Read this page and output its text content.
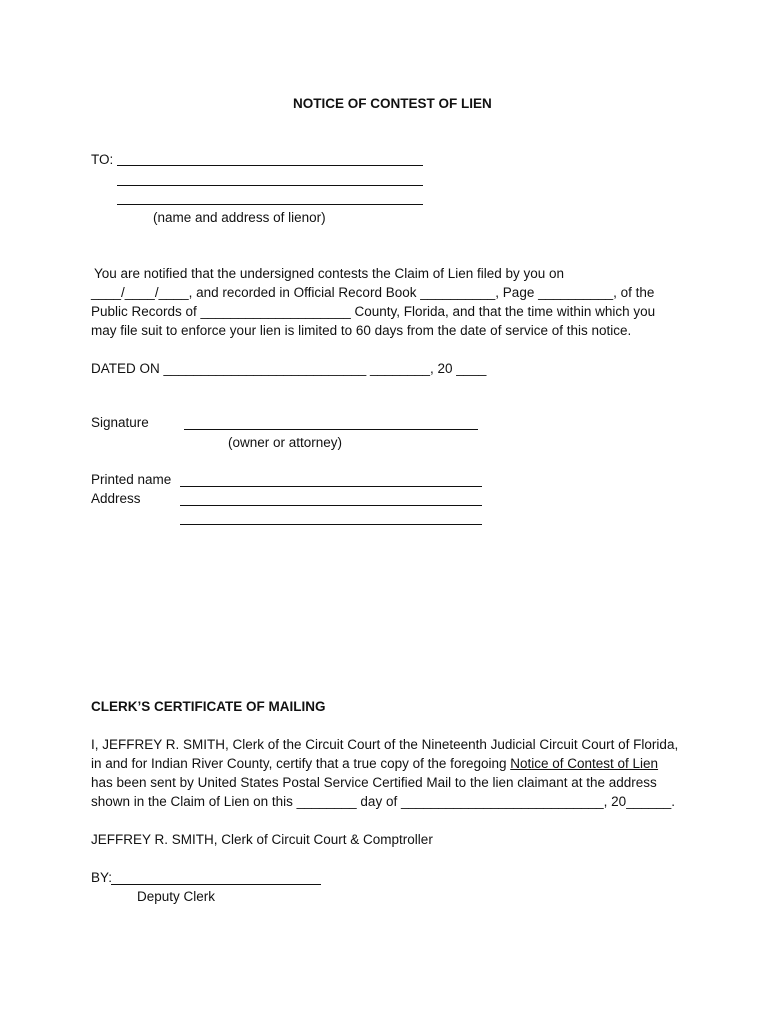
NOTICE OF CONTEST OF LIEN
TO:
(name and address of lienor)
You are notified that the undersigned contests the Claim of Lien filed by you on
____/____/____, and recorded in Official Record Book __________, Page __________, of the
Public Records of ____________________ County, Florida, and that the time within which you
may file suit to enforce your lien is limited to 60 days from the date of service of this notice.
DATED ON ___________________________ ________, 20 ____
Signature
(owner or attorney)
Printed name
Address
CLERK’S CERTIFICATE OF MAILING
I, JEFFREY R. SMITH, Clerk of the Circuit Court of the Nineteenth Judicial Circuit Court of Florida,
in and for Indian River County, certify that a true copy of the foregoing Notice of Contest of Lien
has been sent by United States Postal Service Certified Mail to the lien claimant at the address
shown in the Claim of Lien on this ________ day of ___________________________, 20______.
JEFFREY R. SMITH, Clerk of Circuit Court & Comptroller
BY:
Deputy Clerk
